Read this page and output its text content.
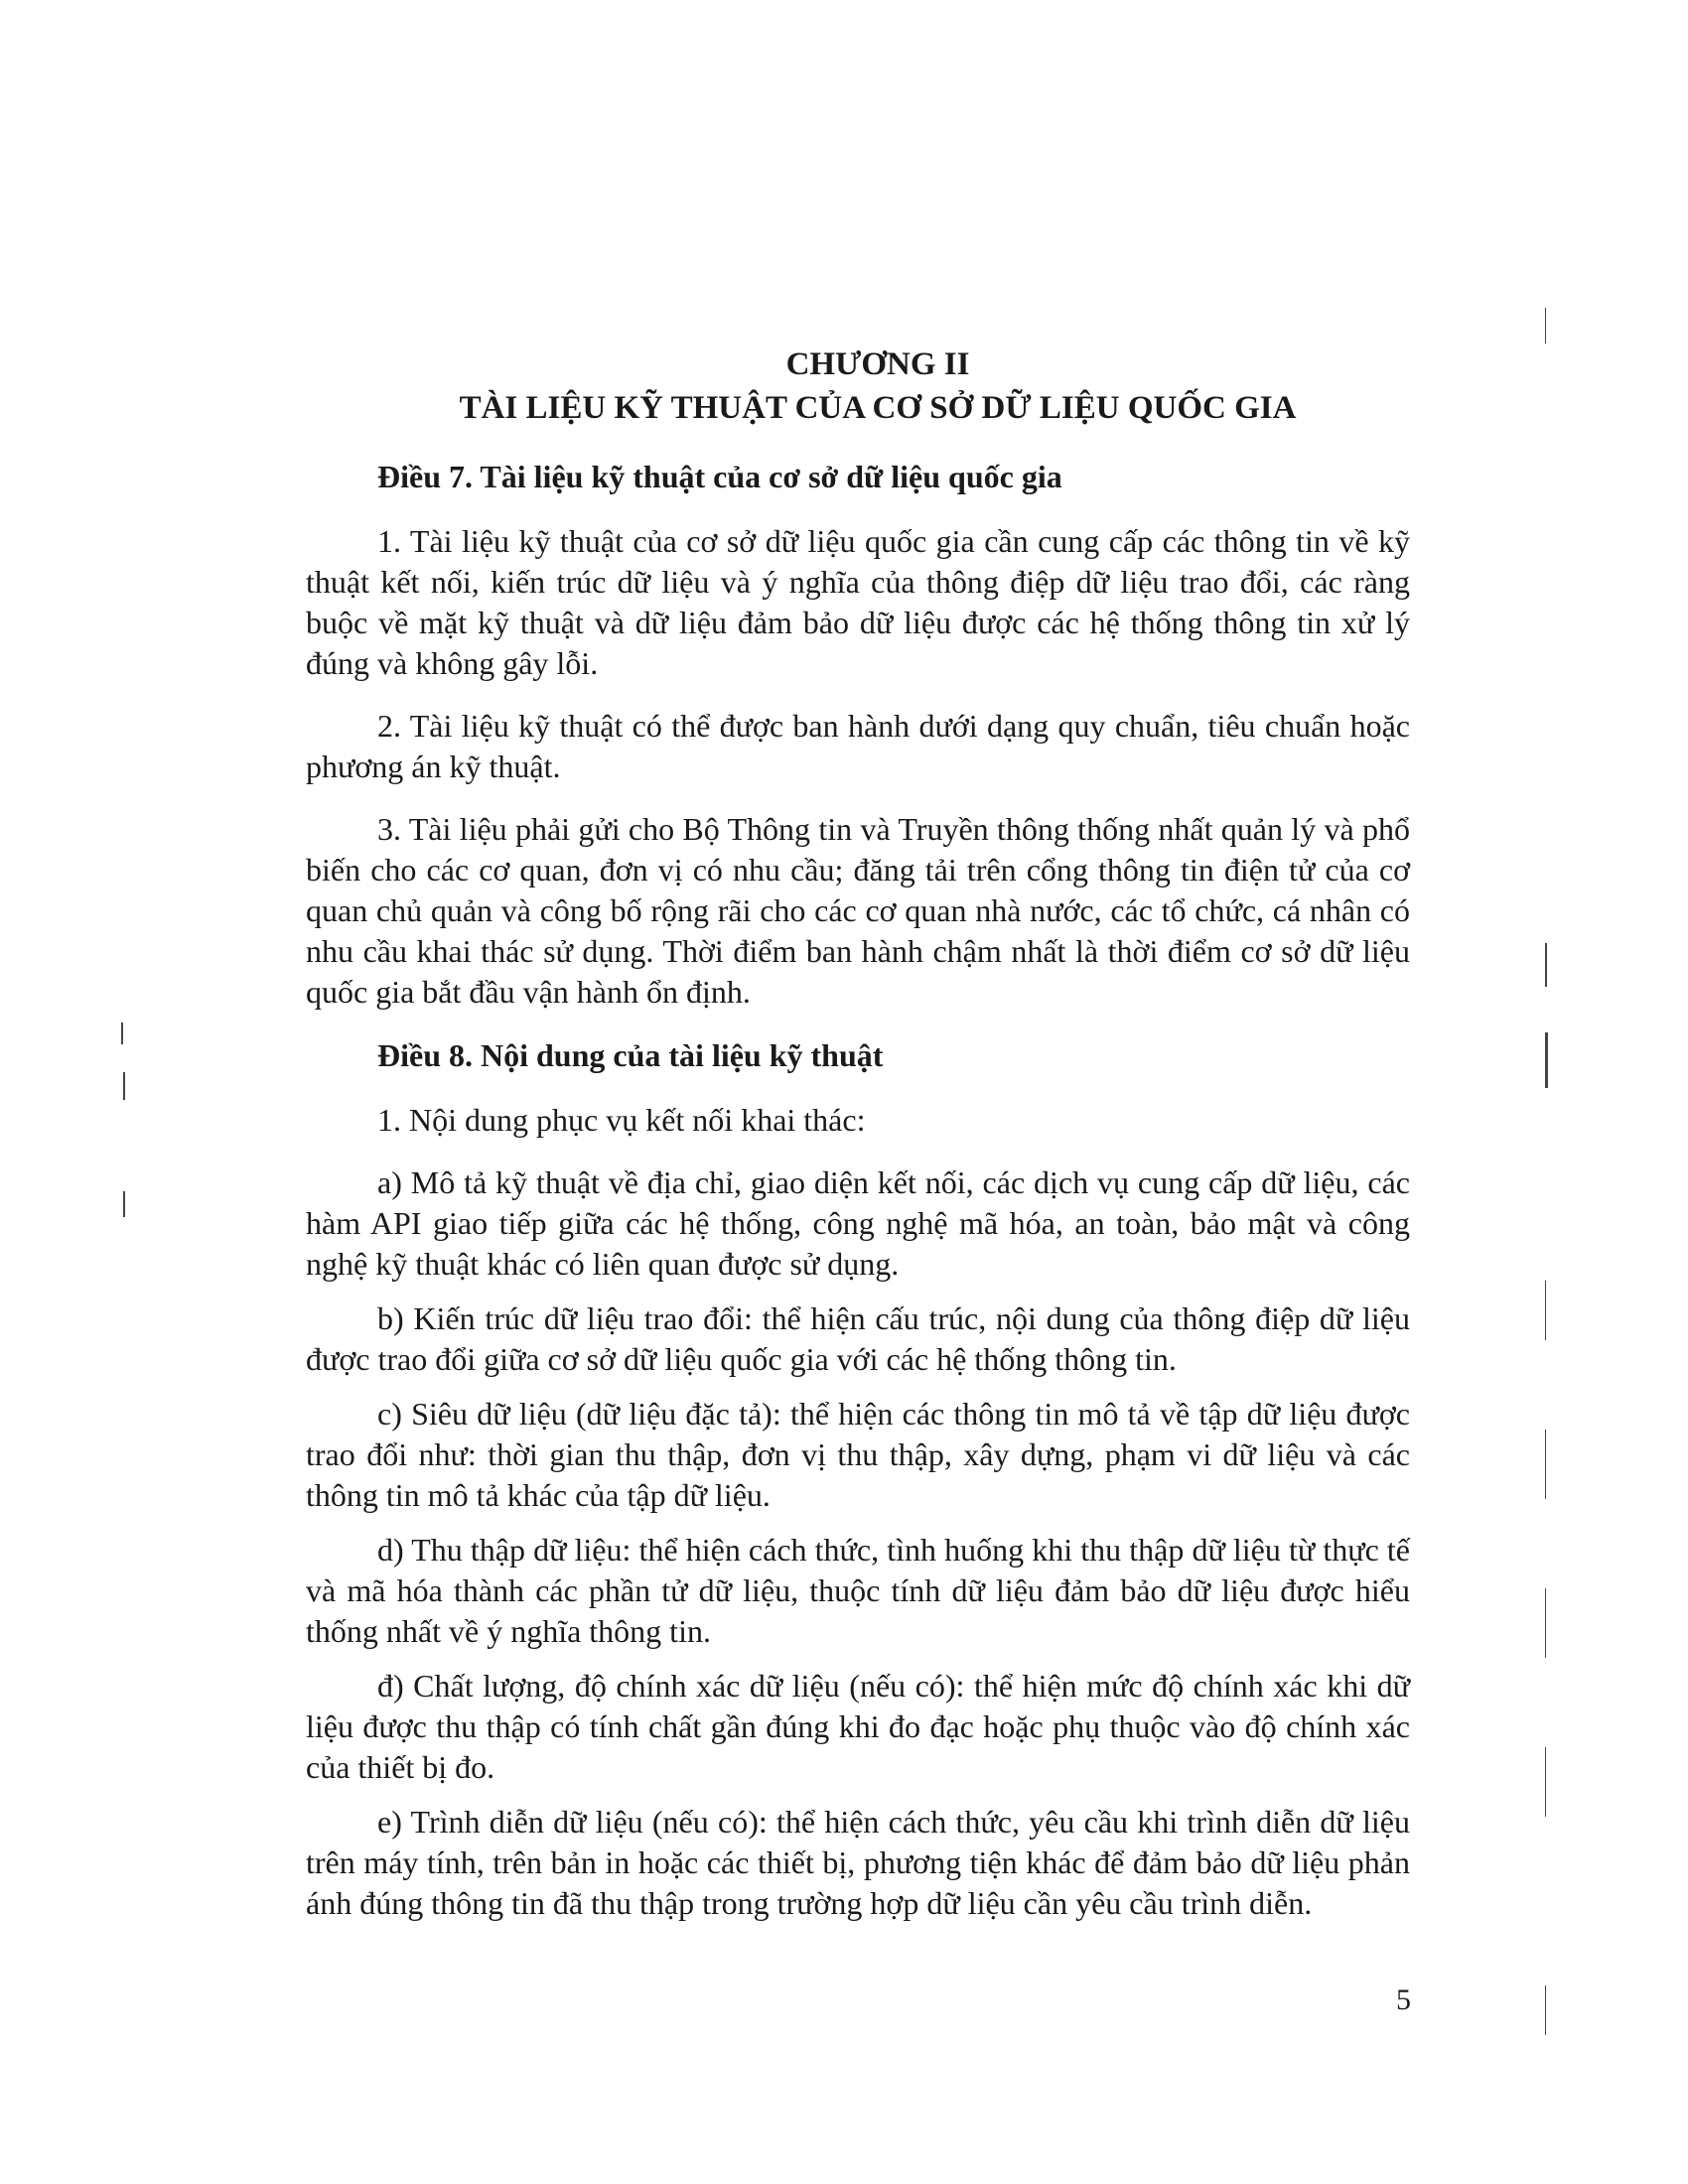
CHƯƠNG II
TÀI LIỆU KỸ THUẬT CỦA CƠ SỞ DỮ LIỆU QUỐC GIA
Điều 7. Tài liệu kỹ thuật của cơ sở dữ liệu quốc gia

1. Tài liệu kỹ thuật của cơ sở dữ liệu quốc gia cần cung cấp các thông tin về kỹ thuật kết nối, kiến trúc dữ liệu và ý nghĩa của thông điệp dữ liệu trao đổi, các ràng buộc về mặt kỹ thuật và dữ liệu đảm bảo dữ liệu được các hệ thống thông tin xử lý đúng và không gây lỗi.

2. Tài liệu kỹ thuật có thể được ban hành dưới dạng quy chuẩn, tiêu chuẩn hoặc phương án kỹ thuật.

3. Tài liệu phải gửi cho Bộ Thông tin và Truyền thông thống nhất quản lý và phổ biến cho các cơ quan, đơn vị có nhu cầu; đăng tải trên cổng thông tin điện tử của cơ quan chủ quản và công bố rộng rãi cho các cơ quan nhà nước, các tổ chức, cá nhân có nhu cầu khai thác sử dụng. Thời điểm ban hành chậm nhất là thời điểm cơ sở dữ liệu quốc gia bắt đầu vận hành ổn định.

Điều 8. Nội dung của tài liệu kỹ thuật

1. Nội dung phục vụ kết nối khai thác:

a) Mô tả kỹ thuật về địa chỉ, giao diện kết nối, các dịch vụ cung cấp dữ liệu, các hàm API giao tiếp giữa các hệ thống, công nghệ mã hóa, an toàn, bảo mật và công nghệ kỹ thuật khác có liên quan được sử dụng.

b) Kiến trúc dữ liệu trao đổi: thể hiện cấu trúc, nội dung của thông điệp dữ liệu được trao đổi giữa cơ sở dữ liệu quốc gia với các hệ thống thông tin.

c) Siêu dữ liệu (dữ liệu đặc tả): thể hiện các thông tin mô tả về tập dữ liệu được trao đổi như: thời gian thu thập, đơn vị thu thập, xây dựng, phạm vi dữ liệu và các thông tin mô tả khác của tập dữ liệu.

d) Thu thập dữ liệu: thể hiện cách thức, tình huống khi thu thập dữ liệu từ thực tế và mã hóa thành các phần tử dữ liệu, thuộc tính dữ liệu đảm bảo dữ liệu được hiểu thống nhất về ý nghĩa thông tin.

đ) Chất lượng, độ chính xác dữ liệu (nếu có): thể hiện mức độ chính xác khi dữ liệu được thu thập có tính chất gần đúng khi đo đạc hoặc phụ thuộc vào độ chính xác của thiết bị đo.

e) Trình diễn dữ liệu (nếu có): thể hiện cách thức, yêu cầu khi trình diễn dữ liệu trên máy tính, trên bản in hoặc các thiết bị, phương tiện khác để đảm bảo dữ liệu phản ánh đúng thông tin đã thu thập trong trường hợp dữ liệu cần yêu cầu trình diễn.

5
